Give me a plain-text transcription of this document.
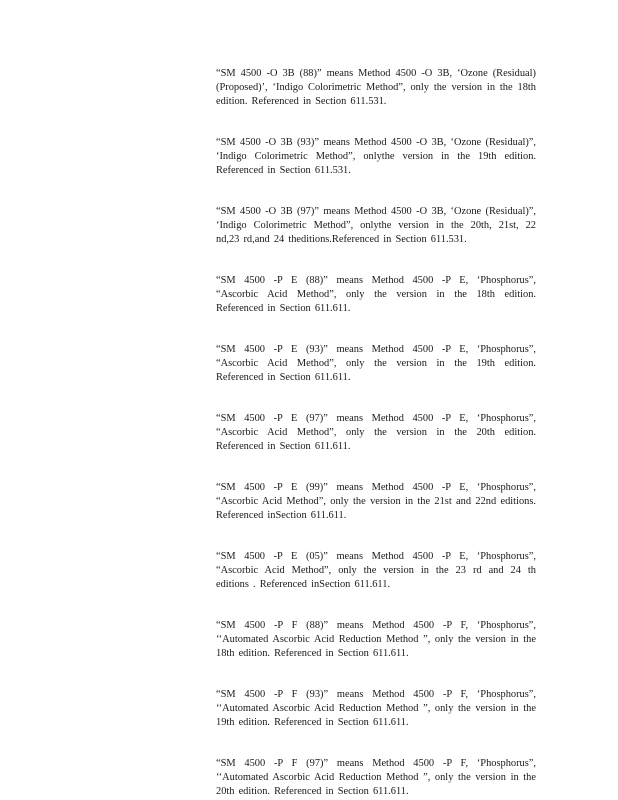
“SM 4500 -O 3B (88)” means Method 4500 -O 3B, ‘Ozone (Residual) (Proposed)’, ‘Indigo Colorimetric Method”, only the version in the 18th edition. Referenced in Section 611.531.

“SM 4500 -O 3B (93)” means Method 4500 -O 3B, ‘Ozone (Residual)”, ‘Indigo Colorimetric Method”, onlythe version in the 19th edition. Referenced in Section 611.531.

“SM 4500 -O 3B (97)” means Method 4500 -O 3B, ‘Ozone (Residual)”, ‘Indigo Colorimetric Method”, onlythe version in the 20th, 21st, 22 nd,23 rd,and 24 theditions.Referenced in Section 611.531.

“SM 4500 -P E (88)” means Method 4500 -P E, ‘Phosphorus”, “Ascorbic Acid Method”, only the version in the 18th edition. Referenced in Section 611.611.

“SM 4500 -P E (93)” means Method 4500 -P E, ‘Phosphorus”, “Ascorbic Acid Method”, only the version in the 19th edition. Referenced in Section 611.611.

“SM 4500 -P E (97)” means Method 4500 -P E, ‘Phosphorus”, “Ascorbic Acid Method”, only the version in the 20th edition. Referenced in Section 611.611.

“SM 4500 -P E (99)” means Method 4500 -P E, ‘Phosphorus”, “Ascorbic Acid Method”, only the version in the 21st and 22nd editions. Referenced inSection 611.611.

“SM 4500 -P E (05)” means Method 4500 -P E, ‘Phosphorus”, “Ascorbic Acid Method”, only the version in the 23 rd and 24 th editions . Referenced inSection 611.611.

“SM 4500 -P F (88)” means Method 4500 -P F, ‘Phosphorus”, ‘‘Automated Ascorbic Acid Reduction Method ”, only the version in the 18th edition. Referenced in Section 611.611.

“SM 4500 -P F (93)” means Method 4500 -P F, ‘Phosphorus”, ‘‘Automated Ascorbic Acid Reduction Method ”, only the version in the 19th edition. Referenced in Section 611.611.

“SM 4500 -P F (97)” means Method 4500 -P F, ‘Phosphorus”, ‘‘Automated Ascorbic Acid Reduction Method ”, only the version in the 20th edition. Referenced in Section 611.611.
